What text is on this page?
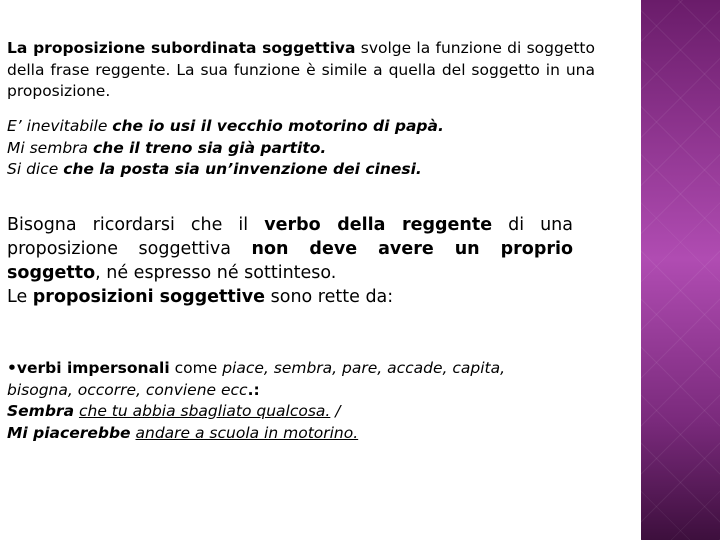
La proposizione subordinata soggettiva svolge la funzione di soggetto della frase reggente. La sua funzione è simile a quella del soggetto in una proposizione.
E’ inevitabile che io usi il vecchio motorino di papà.
Mi sembra che il treno sia già partito.
Si dice che la posta sia un’invenzione dei cinesi.
Bisogna ricordarsi che il verbo della reggente di una proposizione soggettiva non deve avere un proprio soggetto, né espresso né sottinteso.
Le proposizioni soggettive sono rette da:
•verbi impersonali come piace, sembra, pare, accade, capita, bisogna, occorre, conviene ecc.:
Sembra che tu abbia sbagliato qualcosa. /
Mi piacerebbe andare a scuola in motorino.
